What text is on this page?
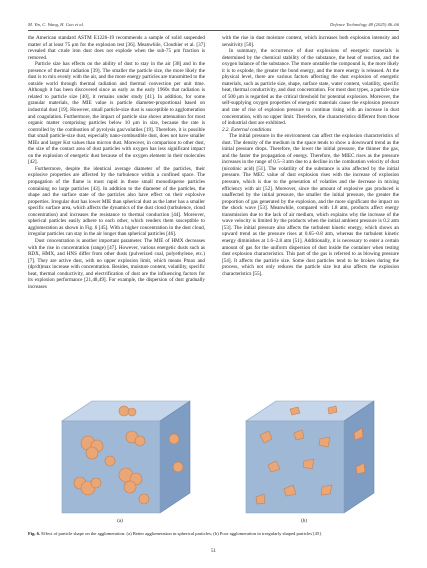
M. Yin, C. Wang, H. Guo et al.	Defence Technology 48 (2025) 46–66

the American standard ASTM E1226-19 recommends a sample of solid suspended matter of at least 75 μm for the explosion test [36]. Meanwhile, Clouthier et al. [37] revealed that crude iron dust does not explode when the sub-75 μm fraction is removed.

Particle size has effects on the ability of dust to stay in the air [38] and in the presence of thermal radiation [39]. The smaller the particle size, the more likely the dust is to mix evenly with the air, and the more energy particles are transmitted to the outside world through thermal radiation and thermal convection per unit time. Although it has been discovered since as early as the early 1960s that radiation is related to particle size [40], it remains under study [41]. In addition, for some granular materials, the MIE value is particle diameter-proportional based on industrial dust [19]. However, small particle-size dust is susceptible to agglomeration and coagulation. Furthermore, the impact of particle size shows attenuation for most organic matter comprising particles below 10 μm in size, because the rate is controlled by the combustion of pyrolysis gas/volatiles [19]. Therefore, it is possible that small particle-size dust, especially nano-combustible dust, does not have smaller MIEs and larger Kst values than micron dust. Moreover, in comparison to other dust, the size of the contact area of dust particles with oxygen has less significant impact on the explosion of energetic dust because of the oxygen element in their molecules [42].

Furthermore, despite the identical average diameter of the particles, their explosive properties are affected by the turbulence within a confined space. The propagation of the flame is most rapid in those small monodisperse particles containing no large particles [43]. In addition to the diameter of the particles, the shape and the surface state of the particles also have effect on their explosive properties. Irregular dust has lower MIE than spherical dust as the latter has a smaller specific surface area, which affects the dynamics of the dust cloud (turbulence, cloud concentration) and increases the resistance to thermal conduction [44]. Moreover, spherical particles easily adhere to each other, which renders them susceptible to agglomeration as shown in Fig. 6 [45]. With a higher concentration in the dust cloud, irregular particles can stay in the air longer than spherical particles [46].

Dust concentration is another important parameter. The MIE of HMX decreases with the rise in concentration (range) [47]. However, various energetic dusts such as RDX, HMX, and HNS differ from other dusts (pulverized coal, polyethylene, etc.) [7]. They are active dust, with no upper explosion limit, which means Pmax and (dp/dt)max increase with concentration. Besides, moisture content, volatility, specific heat, thermal conductivity, and electrification of dust are the influencing factors for its explosion performance [21,48,49]. For example, the dispersion of dust gradually increases

with the rise in dust moisture content, which increases both explosion intensity and sensitivity [50].

In summary, the occurrence of dust explosions of energetic materials is determined by the chemical stability of the substance, the heat of reaction, and the oxygen balance of the substance. The more unstable the compound is, the more likely it is to explode, the greater the bond energy, and the more energy is released. At the physical level, there are various factors affecting the dust explosion of energetic materials, such as particle size, shape, surface state, water content, volatility, specific heat, thermal conductivity, and dust concentration. For most dust types, a particle size of 500 μm is regarded as the critical threshold for potential explosion. Moreover, the self-supplying oxygen properties of energetic materials cause the explosion pressure and rate of rise of explosion pressure to continue rising with an increase in dust concentration, with no upper limit. Therefore, the characteristics different from those of industrial dust are exhibited.

2.2. External conditions

The initial pressure in the environment can affect the explosion characteristics of dust. The density of the medium in the space tends to show a downward trend as the initial pressure drops. Therefore, the lower the initial pressure, the thinner the gas, and the faster the propagation of energy. Therefore, the MIEC rises as the pressure increases in the range of 0.5–3 atm due to a decline in the combustion velocity of dust (nicotinic acid) [51]. The volatility of the substance is also affected by the initial pressure. The MEC value of dust explosion rises with the increase of explosion pressure, which is due to the generation of volatiles and the decrease in mixing efficiency with air [52]. Moreover, since the amount of explosive gas produced is unaffected by the initial pressure, the smaller the initial pressure, the greater the proportion of gas generated by the explosion, and the more significant the impact on the shock wave [53]. Meanwhile, compared with 1.8 atm, products affect energy transmission due to the lack of air medium, which explains why the increase of the wave velocity is limited by the products when the initial ambient pressure is 0.2 atm [53]. The initial pressure also affects the turbulent kinetic energy, which shows an upward trend as the pressure rises at 0.65–0.8 atm, whereas the turbulent kinetic energy diminishes at 1.6–2.8 atm [51]. Additionally, it is necessary to enter a certain amount of gas for the uniform dispersion of dust inside the container when testing dust explosion characteristics. This part of the gas is referred to as blowing pressure [54]. It affects the particle size. Some dust particles tend to be broken during the process, which not only reduces the particle size but also affects the explosion characteristics [55].

(a)	(b)
Fig. 6. Effect of particle shape on the agglomeration: (a) Better agglomeration in spherical particles; (b) Poor agglomeration in irregularly shaped particles [45].
51
